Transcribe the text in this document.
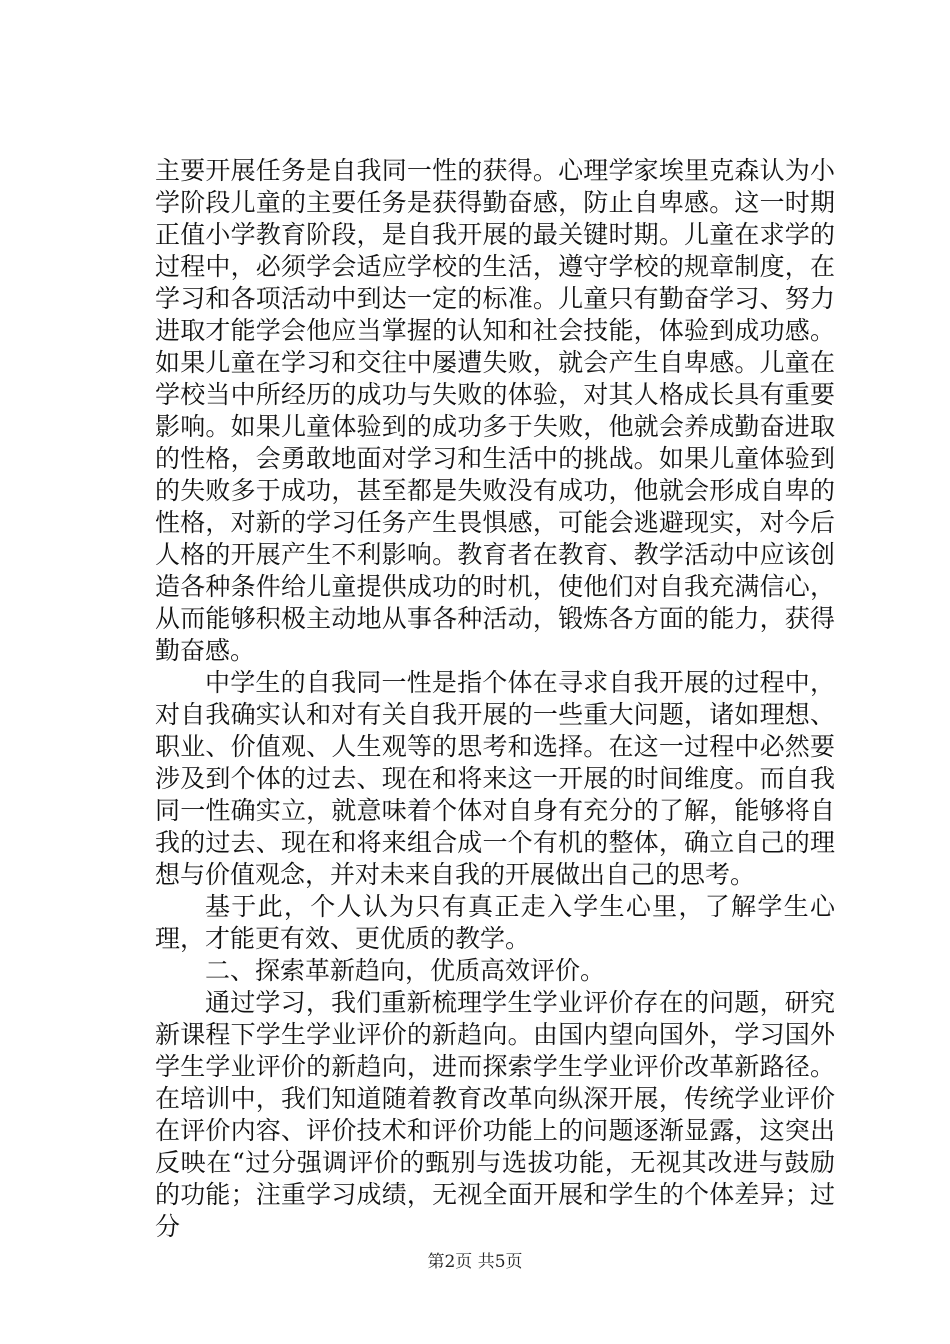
主要开展任务是自我同一性的获得。心理学家埃里克森认为小学阶段儿童的主要任务是获得勤奋感，防止自卑感。这一时期正值小学教育阶段，是自我开展的最关键时期。儿童在求学的过程中，必须学会适应学校的生活，遵守学校的规章制度，在学习和各项活动中到达一定的标准。儿童只有勤奋学习、努力进取才能学会他应当掌握的认知和社会技能，体验到成功感。如果儿童在学习和交往中屡遭失败，就会产生自卑感。儿童在学校当中所经历的成功与失败的体验，对其人格成长具有重要影响。如果儿童体验到的成功多于失败，他就会养成勤奋进取的性格，会勇敢地面对学习和生活中的挑战。如果儿童体验到的失败多于成功，甚至都是失败没有成功，他就会形成自卑的性格，对新的学习任务产生畏惧感，可能会逃避现实，对今后人格的开展产生不利影响。教育者在教育、教学活动中应该创造各种条件给儿童提供成功的时机，使他们对自我充满信心，从而能够积极主动地从事各种活动，锻炼各方面的能力，获得勤奋感。

中学生的自我同一性是指个体在寻求自我开展的过程中，对自我确实认和对有关自我开展的一些重大问题，诸如理想、职业、价值观、人生观等的思考和选择。在这一过程中必然要涉及到个体的过去、现在和将来这一开展的时间维度。而自我同一性确实立，就意味着个体对自身有充分的了解，能够将自我的过去、现在和将来组合成一个有机的整体，确立自己的理想与价值观念，并对未来自我的开展做出自己的思考。

基于此，个人认为只有真正走入学生心里，了解学生心理，才能更有效、更优质的教学。

二、探索革新趋向，优质高效评价。

通过学习，我们重新梳理学生学业评价存在的问题，研究新课程下学生学业评价的新趋向。由国内望向国外，学习国外学生学业评价的新趋向，进而探索学生学业评价改革新路径。在培训中，我们知道随着教育改革向纵深开展，传统学业评价在评价内容、评价技术和评价功能上的问题逐渐显露，这突出反映在“过分强调评价的甄别与选拔功能，无视其改进与鼓励的功能；注重学习成绩，无视全面开展和学生的个体差异；过分

第2页 共5页
